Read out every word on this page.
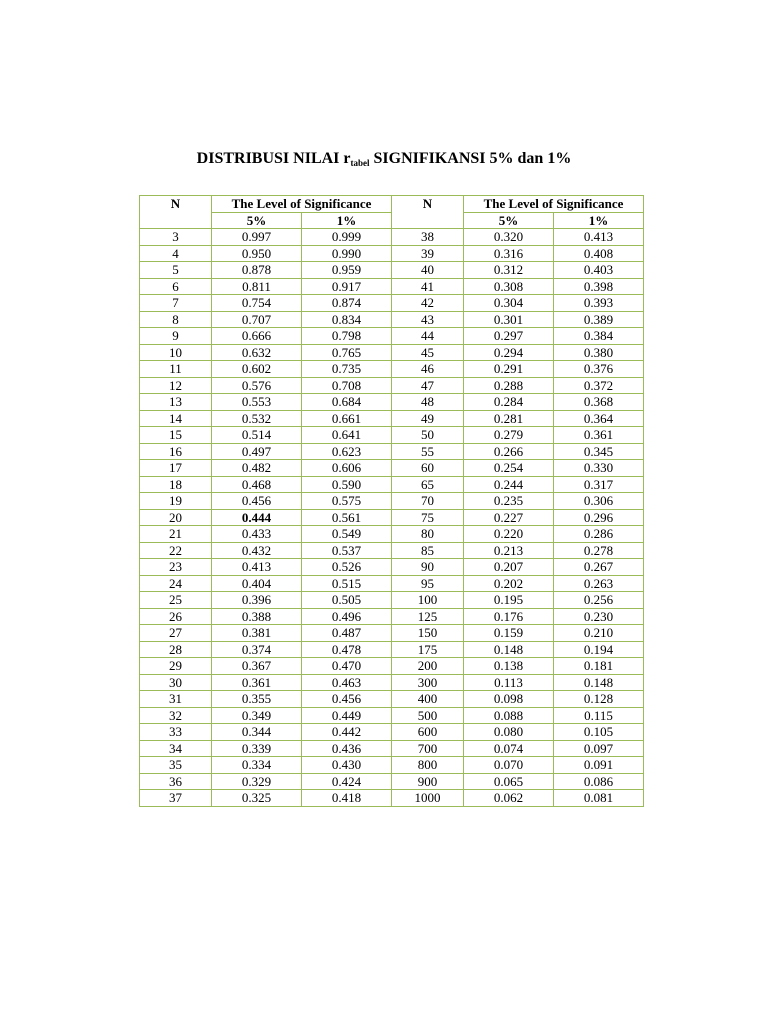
DISTRIBUSI NILAI $r_{tabel}$ SIGNIFIKANSI 5% dan 1%
N	The Level of Significance		N	The Level of Significance	
	5%	1%		5%	1%
3	0.997	0.999	38	0.320	0.413
4	0.950	0.990	39	0.316	0.408
5	0.878	0.959	40	0.312	0.403
6	0.811	0.917	41	0.308	0.398
7	0.754	0.874	42	0.304	0.393
8	0.707	0.834	43	0.301	0.389
9	0.666	0.798	44	0.297	0.384
10	0.632	0.765	45	0.294	0.380
11	0.602	0.735	46	0.291	0.376
12	0.576	0.708	47	0.288	0.372
13	0.553	0.684	48	0.284	0.368
14	0.532	0.661	49	0.281	0.364
15	0.514	0.641	50	0.279	0.361
16	0.497	0.623	55	0.266	0.345
17	0.482	0.606	60	0.254	0.330
18	0.468	0.590	65	0.244	0.317
19	0.456	0.575	70	0.235	0.306
20	0.444	0.561	75	0.227	0.296
21	0.433	0.549	80	0.220	0.286
22	0.432	0.537	85	0.213	0.278
23	0.413	0.526	90	0.207	0.267
24	0.404	0.515	95	0.202	0.263
25	0.396	0.505	100	0.195	0.256
26	0.388	0.496	125	0.176	0.230
27	0.381	0.487	150	0.159	0.210
28	0.374	0.478	175	0.148	0.194
29	0.367	0.470	200	0.138	0.181
30	0.361	0.463	300	0.113	0.148
31	0.355	0.456	400	0.098	0.128
32	0.349	0.449	500	0.088	0.115
33	0.344	0.442	600	0.080	0.105
34	0.339	0.436	700	0.074	0.097
35	0.334	0.430	800	0.070	0.091
36	0.329	0.424	900	0.065	0.086
37	0.325	0.418	1000	0.062	0.081
